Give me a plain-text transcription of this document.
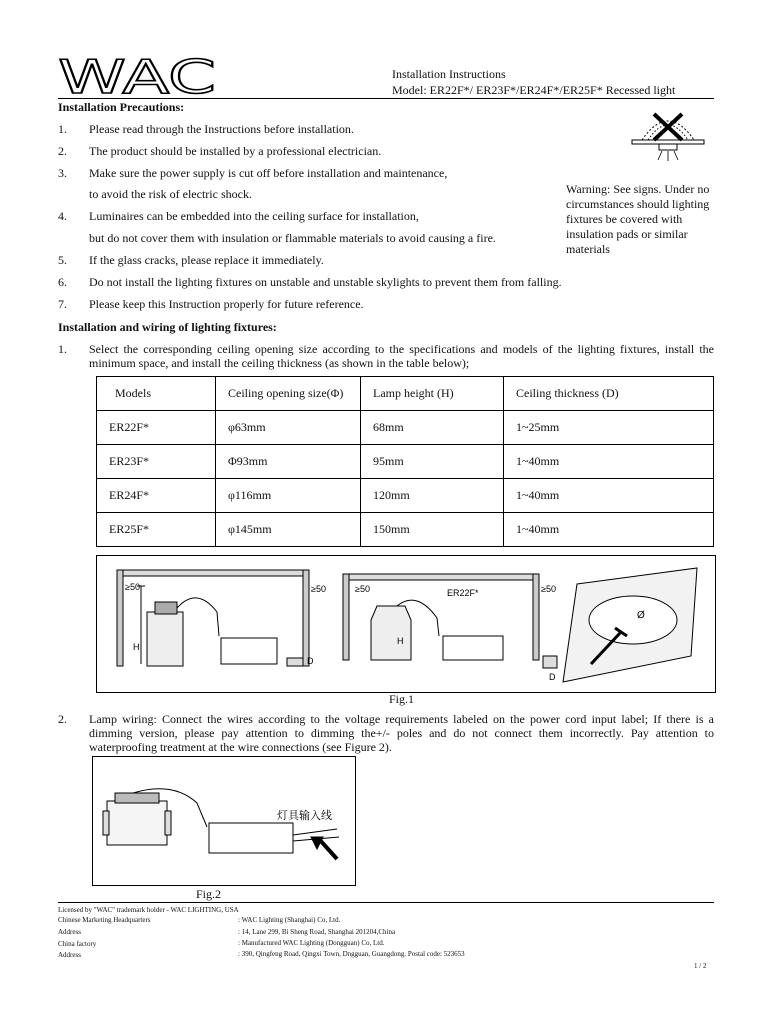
WAC	Installation Instructions
Model: ER22F*/ ER23F*/ER24F*/ER25F* Recessed light
Installation Precautions:
1. Please read through the Instructions before installation.
2. The product should be installed by a professional electrician.
3. Make sure the power supply is cut off before installation and maintenance,
to avoid the risk of electric shock.
4. Luminaires can be embedded into the ceiling surface for installation,
but do not cover them with insulation or flammable materials to avoid causing a fire.
5. If the glass cracks, please replace it immediately.
6. Do not install the lighting fixtures on unstable and unstable skylights to prevent them from falling.
7. Please keep this Instruction properly for future reference.
Warning: See signs. Under no circumstances should lighting fixtures be covered with insulation pads or similar materials
Installation and wiring of lighting fixtures:
1. Select the corresponding ceiling opening size according to the specifications and models of the lighting fixtures, install the minimum space, and install the ceiling thickness (as shown in the table below);
Models	Ceiling opening size(Φ)	Lamp height (H)	Ceiling thickness (D)
ER22F*	φ63mm	68mm	1~25mm
ER23F*	Φ93mm	95mm	1~40mm
ER24F*	φ116mm	120mm	1~40mm
ER25F*	φ145mm	150mm	1~40mm
H
≥50	≥50
D
≥50	ER22F*	≥50
H
D
Ø
Fig.1
2. Lamp wiring: Connect the wires according to the voltage requirements labeled on the power cord input label; If there is a dimming version, please pay attention to dimming the+/- poles and do not connect them incorrectly. Pay attention to waterproofing treatment at the wire connections (see Figure 2).
灯具输入线
Fig.2
Licensed by "WAC" trademark holder - WAC LIGHTING, USA
Chinese Marketing Headquarters	: WAC Lighting (Shanghai) Co, Ltd.
Address	: 14, Lane 299, Bi Sheng Road, Shanghai 201204,China
China factory	: Manufactured WAC Lighting (Dongguan) Co, Ltd.
Address	: 390, Qingfeng Road, Qingxi Town, Dngguan, Guangdong. Postal code: 523653
1 / 2
